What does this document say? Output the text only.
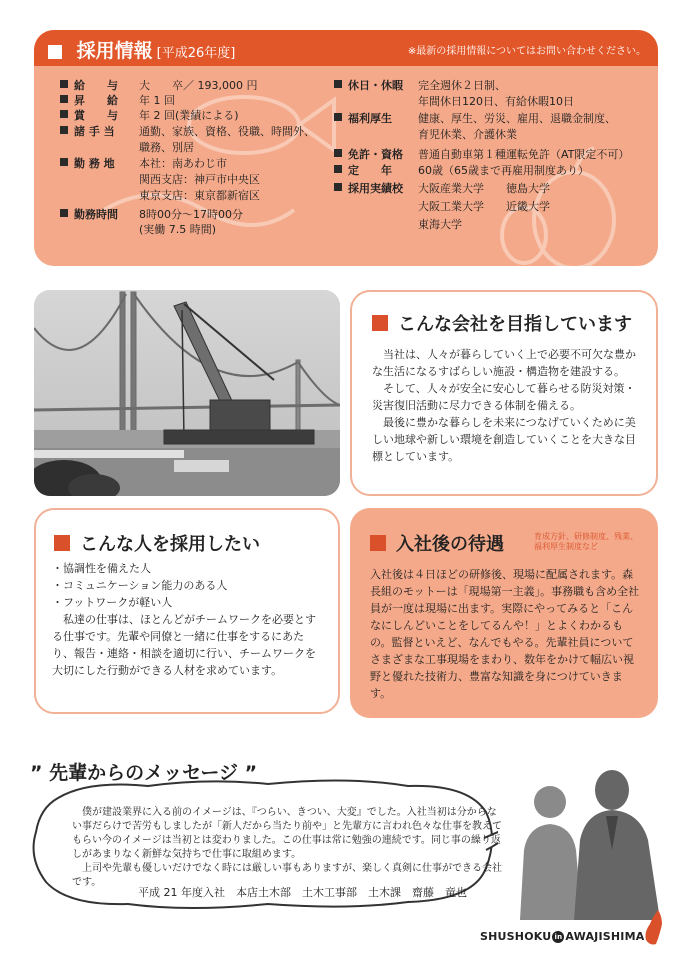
採用情報 [平成26年度]	※最新の採用情報についてはお問い合わせください。
給　　与 大　　卒／ 193,000 円
昇　　給 年 1 回
賞　　与 年 2 回(業績による)
諸 手 当 通勤、家族、資格、役職、時間外、
職務、別居
勤 務 地 本社：南あわじ市
関西支店：神戸市中央区
東京支店：東京都新宿区
勤務時間 8時00分～17時00分
(実働 7.5 時間)
休日・休暇 完全週休２日制、
年間休日120日、有給休暇10日
福利厚生 健康、厚生、労災、雇用、退職金制度、
育児休業、介護休業
免許・資格 普通自動車第１種運転免許（AT限定不可）
定　　年 60歳（65歳まで再雇用制度あり）
採用実績校 大阪産業大学　　徳島大学
大阪工業大学　　近畿大学
東海大学
こんな会社を目指しています
当社は、人々が暮らしていく上で必要不可欠な豊かな生活になるすばらしい施設・構造物を建設する。
そして、人々が安全に安心して暮らせる防災対策・災害復旧活動に尽力できる体制を備える。
最後に豊かな暮らしを未来につなげていくために美しい地球や新しい環境を創造していくことを大きな目標としています。
こんな人を採用したい
・協調性を備えた人
・コミュニケーション能力のある人
・フットワークが軽い人
私達の仕事は、ほとんどがチームワークを必要とする仕事です。先輩や同僚と一緒に仕事をするにあたり、報告・連絡・相談を適切に行い、チームワークを大切にした行動ができる人材を求めています。
入社後の待遇	育成方針、研修制度、残業、
福利厚生制度など
入社後は４日ほどの研修後、現場に配属されます。森長組のモットーは「現場第一主義」。事務職も含め全社員が一度は現場に出ます。実際にやってみると「こんなにしんどいことをしてるんや！」とよくわかるもの。監督といえど、なんでもやる。先輩社員についてさまざまな工事現場をまわり、数年をかけて幅広い視野と優れた技術力、豊富な知識を身につけていきます。
” 先輩からのメッセージ ”
僕が建設業界に入る前のイメージは、『つらい、きつい、大変』でした。入社当初は分からない事だらけで苦労もしましたが「新人だから当たり前や」と先輩方に言われ色々な仕事を教えてもらい今のイメージは当初とは変わりました。この仕事は常に勉強の連続です。同じ事の繰り返しがあまりなく新鮮な気持ちで仕事に取組めます。
上司や先輩も優しいだけでなく時には厳しい事もありますが、楽しく真剣に仕事ができる会社です。
平成 21 年度入社　本店土木部　土木工事部　土木課　齋藤　竜也
SHUSHOKU in AWAJISHIMA
